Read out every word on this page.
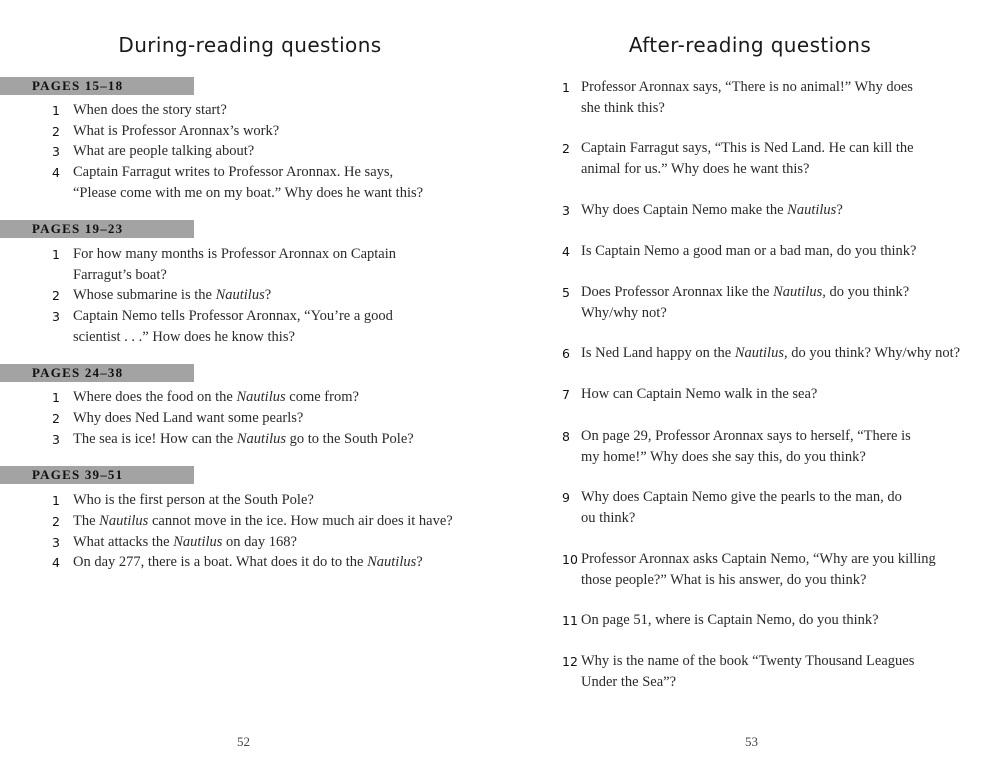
During-reading questions
PAGES 15–18
1 When does the story start?
2 What is Professor Aronnax’s work?
3 What are people talking about?
4 Captain Farragut writes to Professor Aronnax. He says,
“Please come with me on my boat.” Why does he want this?
PAGES 19–23
1 For how many months is Professor Aronnax on Captain
Farragut’s boat?
2 Whose submarine is the Nautilus?
3 Captain Nemo tells Professor Aronnax, “You’re a good
scientist . . .” How does he know this?
PAGES 24–38
1 Where does the food on the Nautilus come from?
2 Why does Ned Land want some pearls?
3 The sea is ice! How can the Nautilus go to the South Pole?
PAGES 39–51
1 Who is the first person at the South Pole?
2 The Nautilus cannot move in the ice. How much air does it have?
3 What attacks the Nautilus on day 168?
4 On day 277, there is a boat. What does it do to the Nautilus?
52
After-reading questions
1 Professor Aronnax says, “There is no animal!” Why does
she think this?
2 Captain Farragut says, “This is Ned Land. He can kill the
animal for us.” Why does he want this?
3 Why does Captain Nemo make the Nautilus?
4 Is Captain Nemo a good man or a bad man, do you think?
5 Does Professor Aronnax like the Nautilus, do you think?
Why/why not?
6 Is Ned Land happy on the Nautilus, do you think? Why/why not?
7 How can Captain Nemo walk in the sea?
8 On page 29, Professor Aronnax says to herself, “There is
my home!” Why does she say this, do you think?
9 Why does Captain Nemo give the pearls to the man, do
ou think?
10 Professor Aronnax asks Captain Nemo, “Why are you killing
those people?” What is his answer, do you think?
11 On page 51, where is Captain Nemo, do you think?
12 Why is the name of the book “Twenty Thousand Leagues
Under the Sea”?
53
